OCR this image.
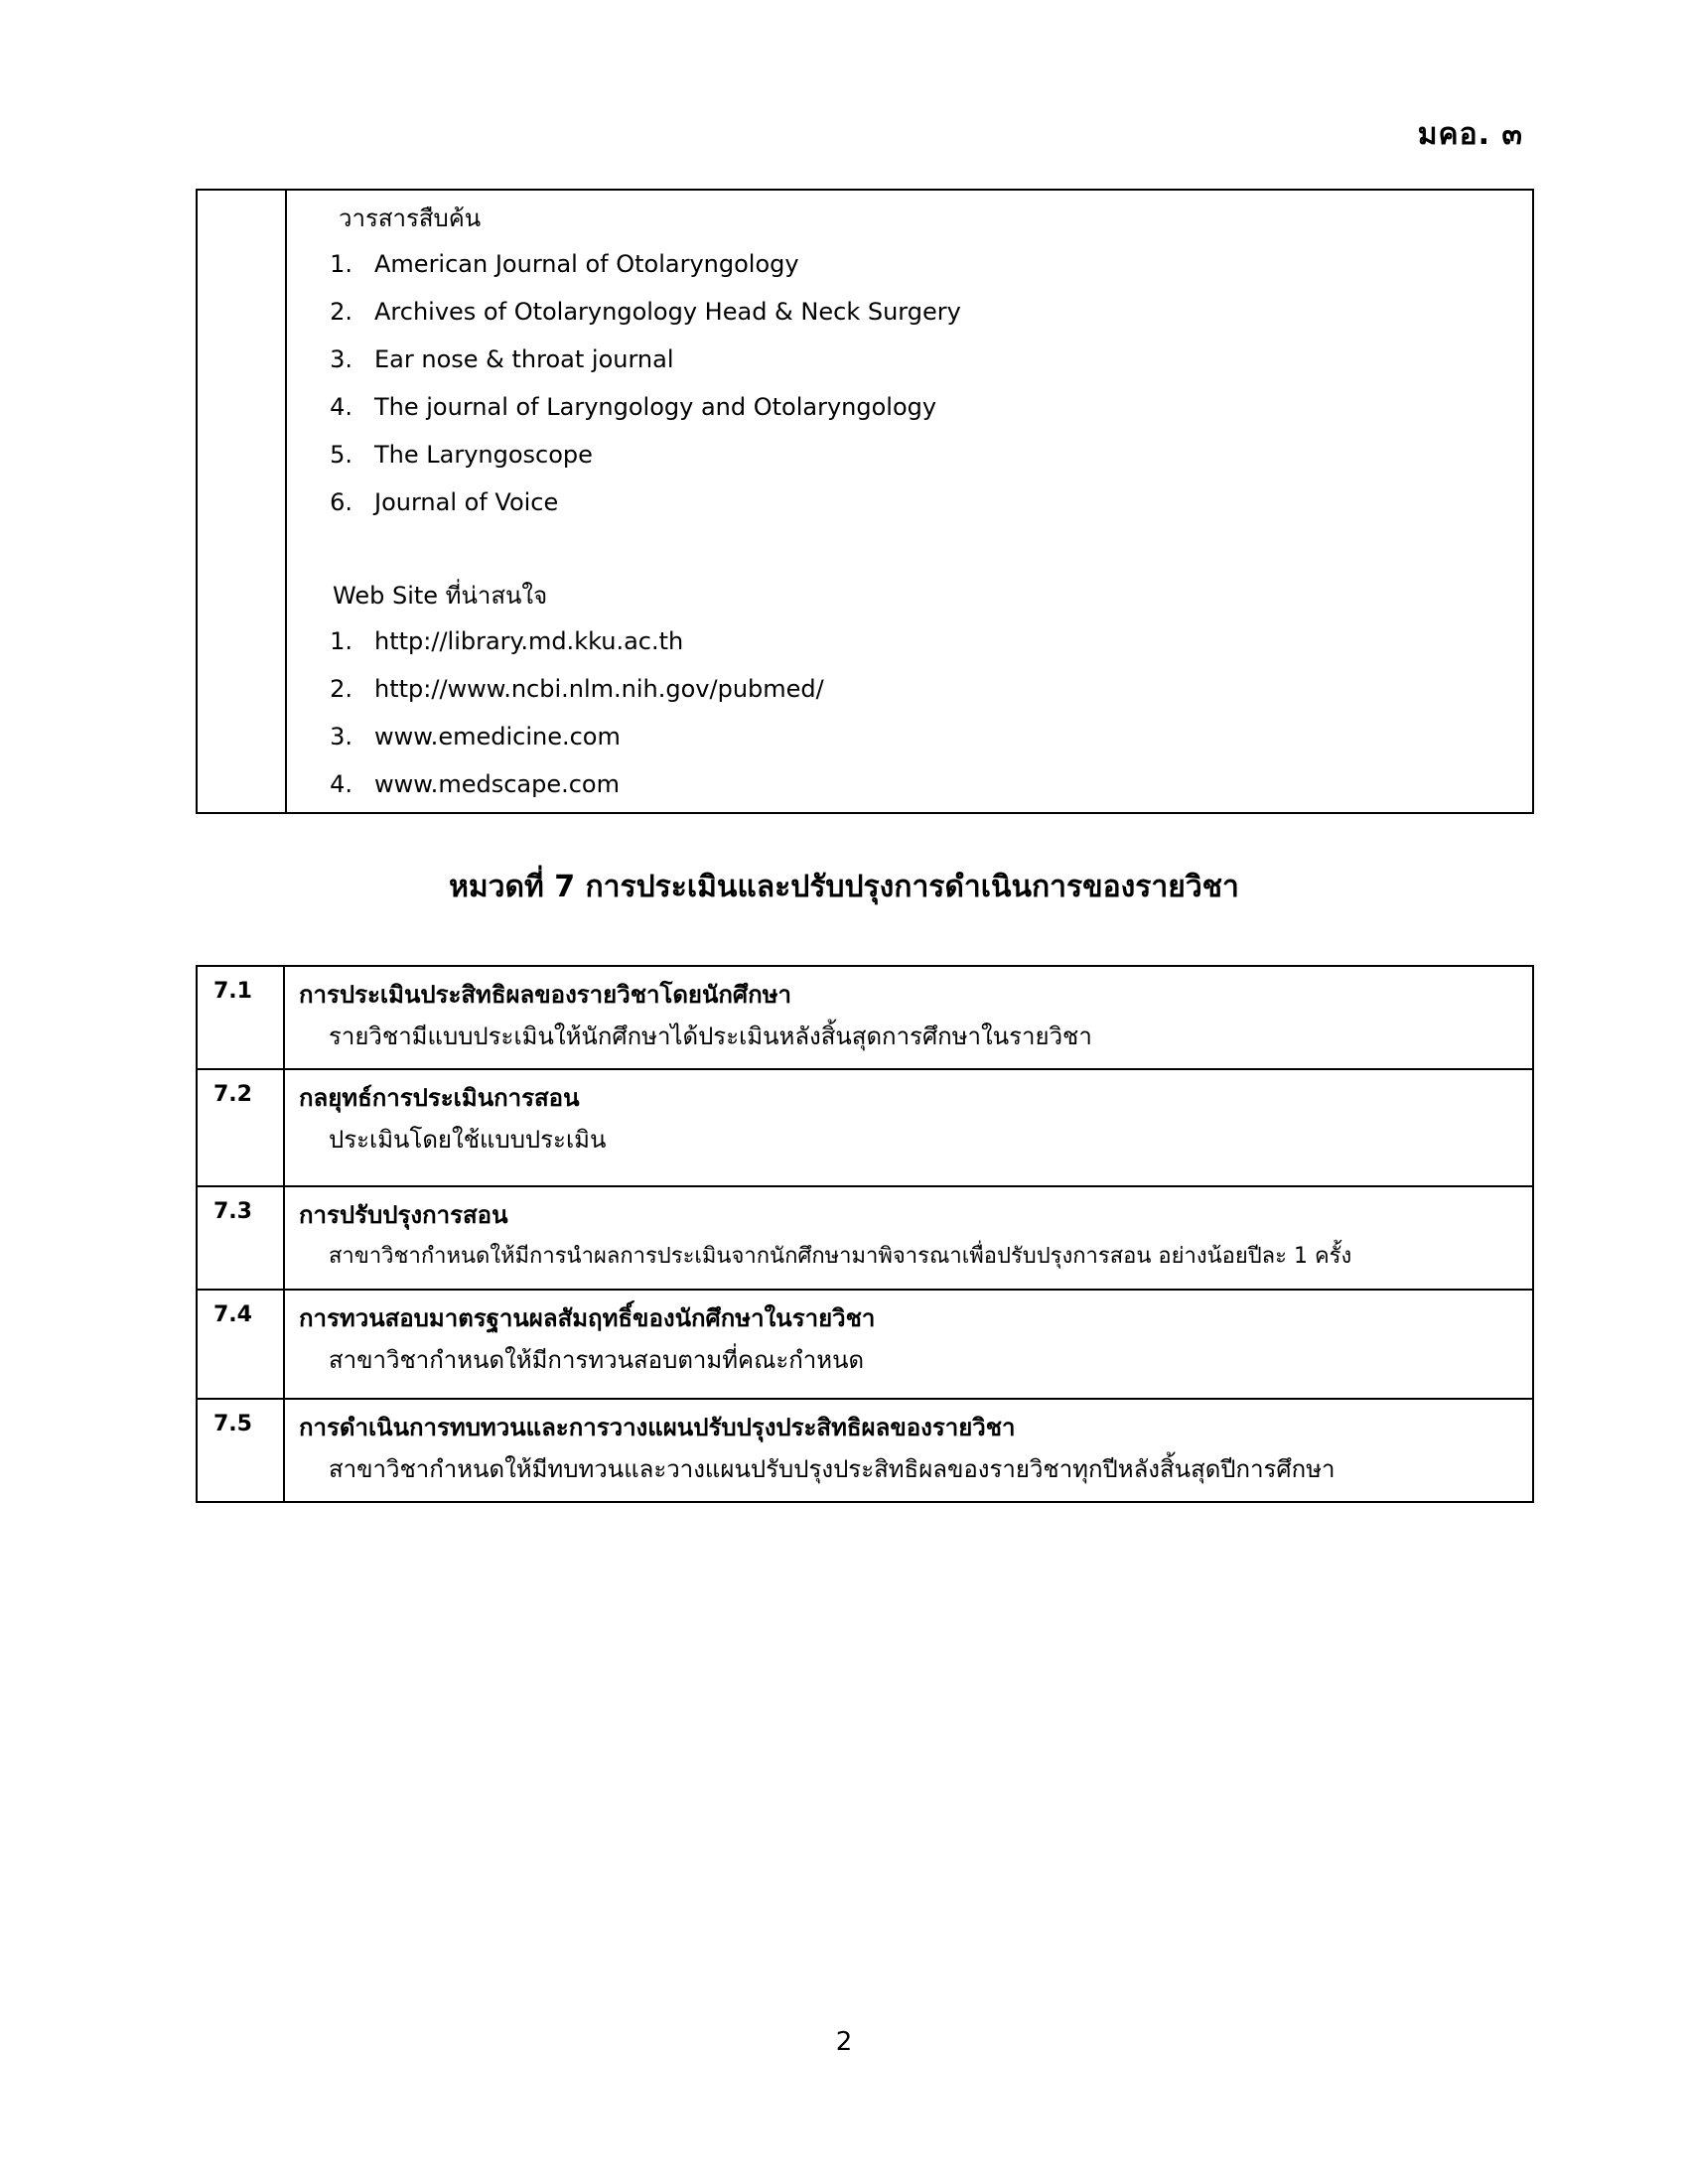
มคอ. ๓

วารสารสืบค้น
1. American Journal of Otolaryngology
2. Archives of Otolaryngology Head & Neck Surgery
3. Ear nose & throat journal
4. The journal of Laryngology and Otolaryngology
5. The Laryngoscope
6. Journal of Voice
Web Site ที่น่าสนใจ
1. http://library.md.kku.ac.th
2. http://www.ncbi.nlm.nih.gov/pubmed/
3. www.emedicine.com
4. www.medscape.com
หมวดที่ 7 การประเมินและปรับปรุงการดำเนินการของรายวิชา
7.1	การประเมินประสิทธิผลของรายวิชาโดยนักศึกษา
รายวิชามีแบบประเมินให้นักศึกษาได้ประเมินหลังสิ้นสุดการศึกษาในรายวิชา

7.2	กลยุทธ์การประเมินการสอน
ประเมินโดยใช้แบบประเมิน

7.3	การปรับปรุงการสอน
สาขาวิชากำหนดให้มีการนำผลการประเมินจากนักศึกษามาพิจารณาเพื่อปรับปรุงการสอน อย่างน้อยปีละ 1 ครั้ง

7.4	การทวนสอบมาตรฐานผลสัมฤทธิ์ของนักศึกษาในรายวิชา
สาขาวิชากำหนดให้มีการทวนสอบตามที่คณะกำหนด

7.5	การดำเนินการทบทวนและการวางแผนปรับปรุงประสิทธิผลของรายวิชา
สาขาวิชากำหนดให้มีทบทวนและวางแผนปรับปรุงประสิทธิผลของรายวิชาทุกปีหลังสิ้นสุดปีการศึกษา
2
